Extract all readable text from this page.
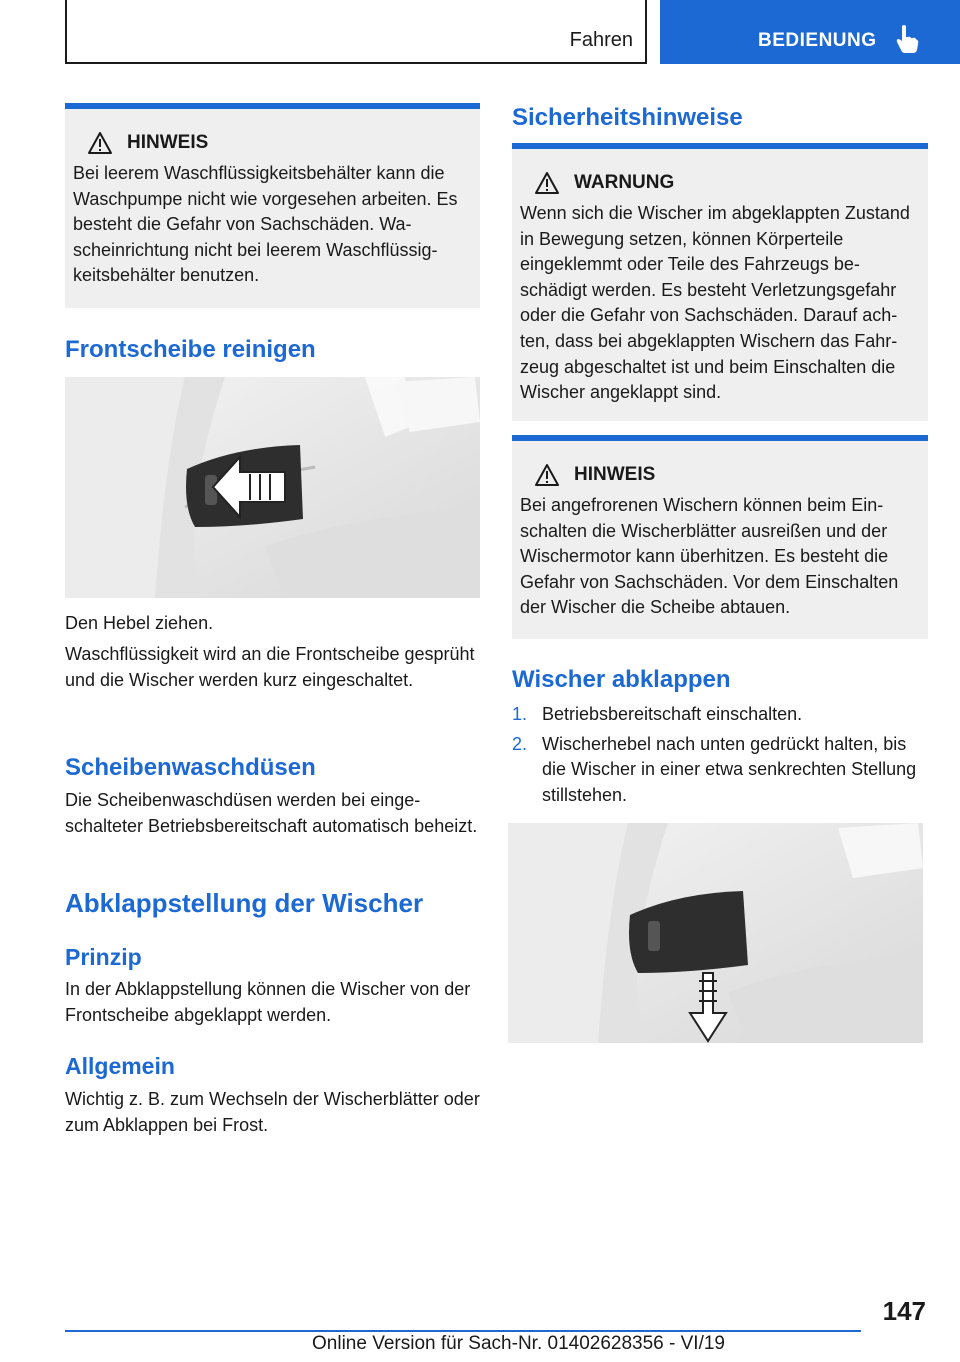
Fahren	BEDIENUNG
HINWEIS
Bei leerem Waschflüssigkeitsbehälter kann die Waschpumpe nicht wie vorgesehen arbeiten. Es besteht die Gefahr von Sachschäden. Wascheinrichtung nicht bei leerem Waschflüssigkeitsbehälter benutzen.
Frontscheibe reinigen

Den Hebel ziehen.

Waschflüssigkeit wird an die Frontscheibe gesprüht und die Wischer werden kurz eingeschaltet.

Scheibenwaschdüsen

Die Scheibenwaschdüsen werden bei eingeschalteter Betriebsbereitschaft automatisch beheizt.

Abklappstellung der Wischer
Prinzip

In der Abklappstellung können die Wischer von der Frontscheibe abgeklappt werden.

Allgemein

Wichtig z. B. zum Wechseln der Wischerblätter oder zum Abklappen bei Frost.

Sicherheitshinweise
WARNUNG
Wenn sich die Wischer im abgeklappten Zustand in Bewegung setzen, können Körperteile eingeklemmt oder Teile des Fahrzeugs beschädigt werden. Es besteht Verletzungsgefahr oder die Gefahr von Sachschäden. Darauf achten, dass bei abgeklappten Wischern das Fahrzeug abgeschaltet ist und beim Einschalten die Wischer angeklappt sind.
HINWEIS
Bei angefrorenen Wischern können beim Einschalten die Wischerblätter ausreißen und der Wischermotor kann überhitzen. Es besteht die Gefahr von Sachschäden. Vor dem Einschalten der Wischer die Scheibe abtauen.
Wischer abklappen
1. Betriebsbereitschaft einschalten.
2. Wischerhebel nach unten gedrückt halten, bis die Wischer in einer etwa senkrechten Stellung stillstehen.
147
Online Version für Sach-Nr. 01402628356 - VI/19
